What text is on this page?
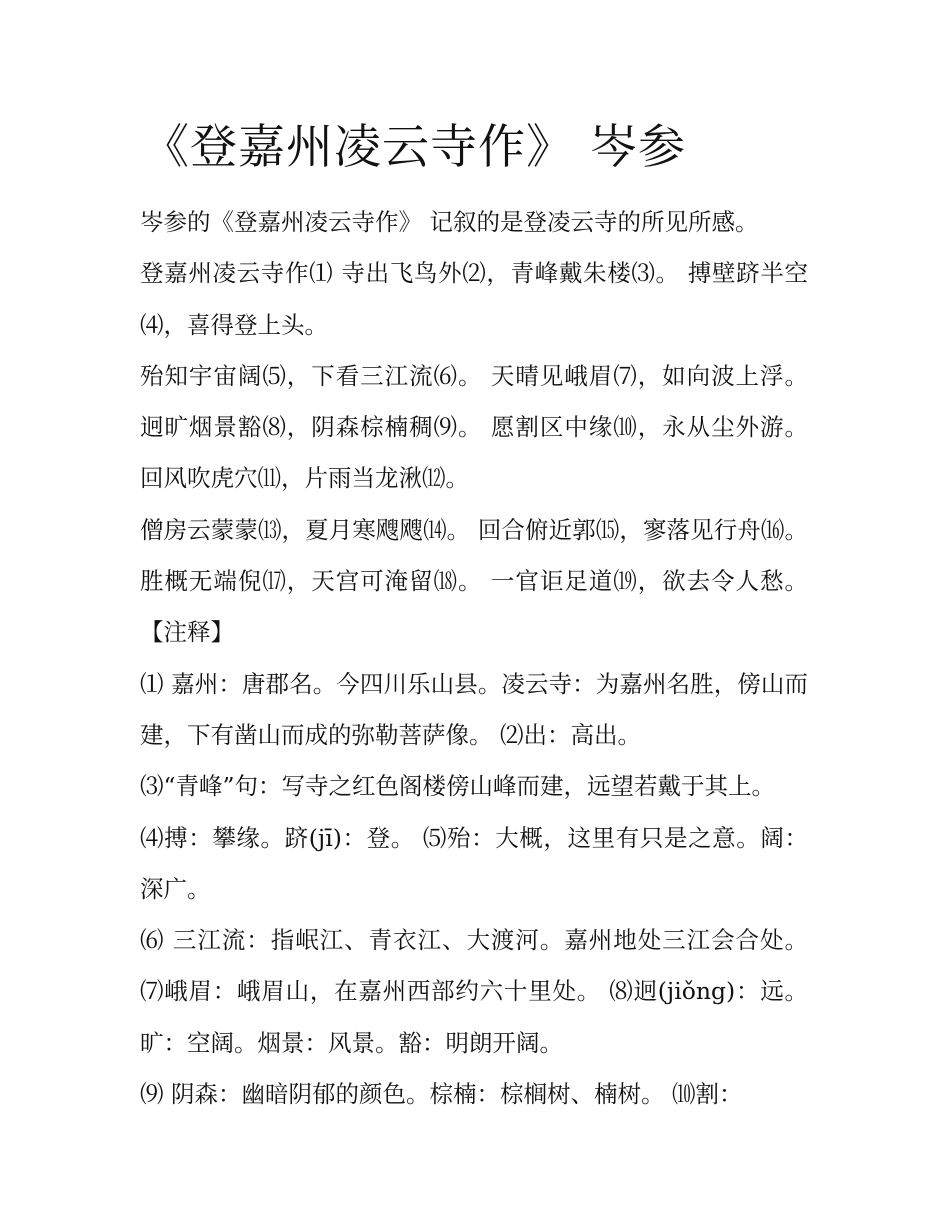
《登嘉州凌云寺作》 岑参

岑参的《登嘉州凌云寺作》 记叙的是登凌云寺的所见所感。

登嘉州凌云寺作⑴ 寺出飞鸟外⑵，青峰戴朱楼⑶。 搏壁跻半空⑷，喜得登上头。

殆知宇宙阔⑸，下看三江流⑹。 天晴见峨眉⑺，如向波上浮。 迥旷烟景豁⑻，阴森棕楠稠⑼。 愿割区中缘⑽，永从尘外游。 回风吹虎穴⑾，片雨当龙湫⑿。

僧房云蒙蒙⒀，夏月寒飕飕⒁。 回合俯近郭⒂，寥落见行舟⒃。 胜概无端倪⒄，天宫可淹留⒅。 一官讵足道⒆，欲去令人愁。 【注释】

⑴ 嘉州：唐郡名。今四川乐山县。凌云寺：为嘉州名胜，傍山而建，下有凿山而成的弥勒菩萨像。 ⑵出：高出。

⑶“青峰”句：写寺之红色阁楼傍山峰而建，远望若戴于其上。

⑷搏：攀缘。跻(jī)：登。 ⑸殆：大概，这里有只是之意。阔：深广。

⑹ 三江流：指岷江、青衣江、大渡河。嘉州地处三江会合处。 ⑺峨眉：峨眉山，在嘉州西部约六十里处。 ⑻迥(jiǒng)：远。旷：空阔。烟景：风景。豁：明朗开阔。

⑼ 阴森：幽暗阴郁的颜色。棕楠：棕榈树、楠树。 ⑽割：
